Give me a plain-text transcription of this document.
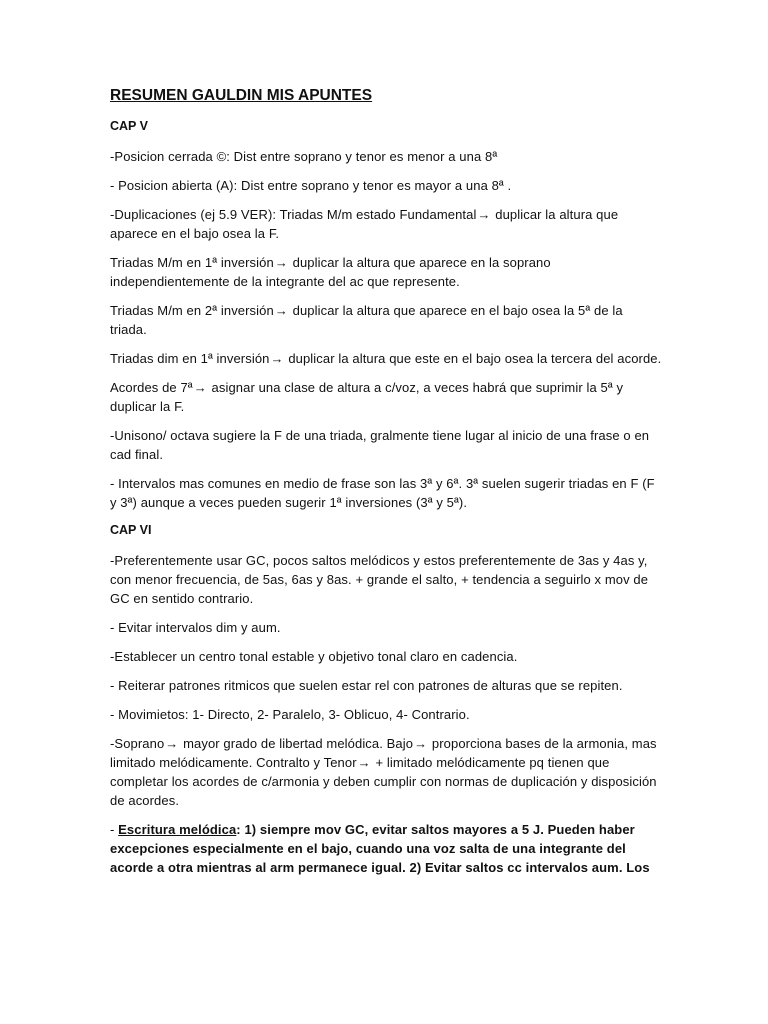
RESUMEN GAULDIN MIS APUNTES
CAP V

-Posicion cerrada ©: Dist entre soprano y tenor es menor a una 8ª

- Posicion abierta (A): Dist entre soprano y tenor es mayor a una 8ª .

-Duplicaciones (ej 5.9 VER): Triadas M/m estado Fundamental→ duplicar la altura que aparece en el bajo osea la F.

Triadas M/m en 1ª inversión→ duplicar la altura que aparece en la soprano independientemente de la integrante del ac que represente.

Triadas M/m en 2ª inversión→ duplicar la altura que aparece en el bajo osea la 5ª de la triada.

Triadas dim en 1ª inversión→ duplicar la altura que este en el bajo osea la tercera del acorde.

Acordes de 7ª→ asignar una clase de altura a c/voz, a veces habrá que suprimir la 5ª y duplicar la F.

-Unisono/ octava sugiere la F de una triada, gralmente tiene lugar al inicio de una frase o en cad final.

- Intervalos mas comunes en medio de frase son las 3ª y 6ª. 3ª suelen sugerir triadas en F (F y 3ª) aunque a veces pueden sugerir 1ª inversiones (3ª y 5ª).

CAP VI

-Preferentemente usar GC, pocos saltos melódicos y estos preferentemente de 3as y 4as y, con menor frecuencia, de 5as, 6as y 8as. + grande el salto, + tendencia a seguirlo x mov de GC en sentido contrario.

- Evitar intervalos dim y aum.

-Establecer un centro tonal estable y objetivo tonal claro en cadencia.

- Reiterar patrones ritmicos que suelen estar rel con patrones de alturas que se repiten.

- Movimietos: 1- Directo, 2- Paralelo, 3- Oblicuo, 4- Contrario.

-Soprano→ mayor grado de libertad melódica. Bajo→ proporciona bases de la armonia, mas limitado melódicamente. Contralto y Tenor→ + limitado melódicamente pq tienen que completar los acordes de c/armonia y deben cumplir con normas de duplicación y disposición de acordes.

- Escritura melódica: 1) siempre mov GC, evitar saltos mayores a 5 J. Pueden haber excepciones especialmente en el bajo, cuando una voz salta de una integrante del acorde a otra mientras al arm permanece igual. 2) Evitar saltos cc intervalos aum. Los
